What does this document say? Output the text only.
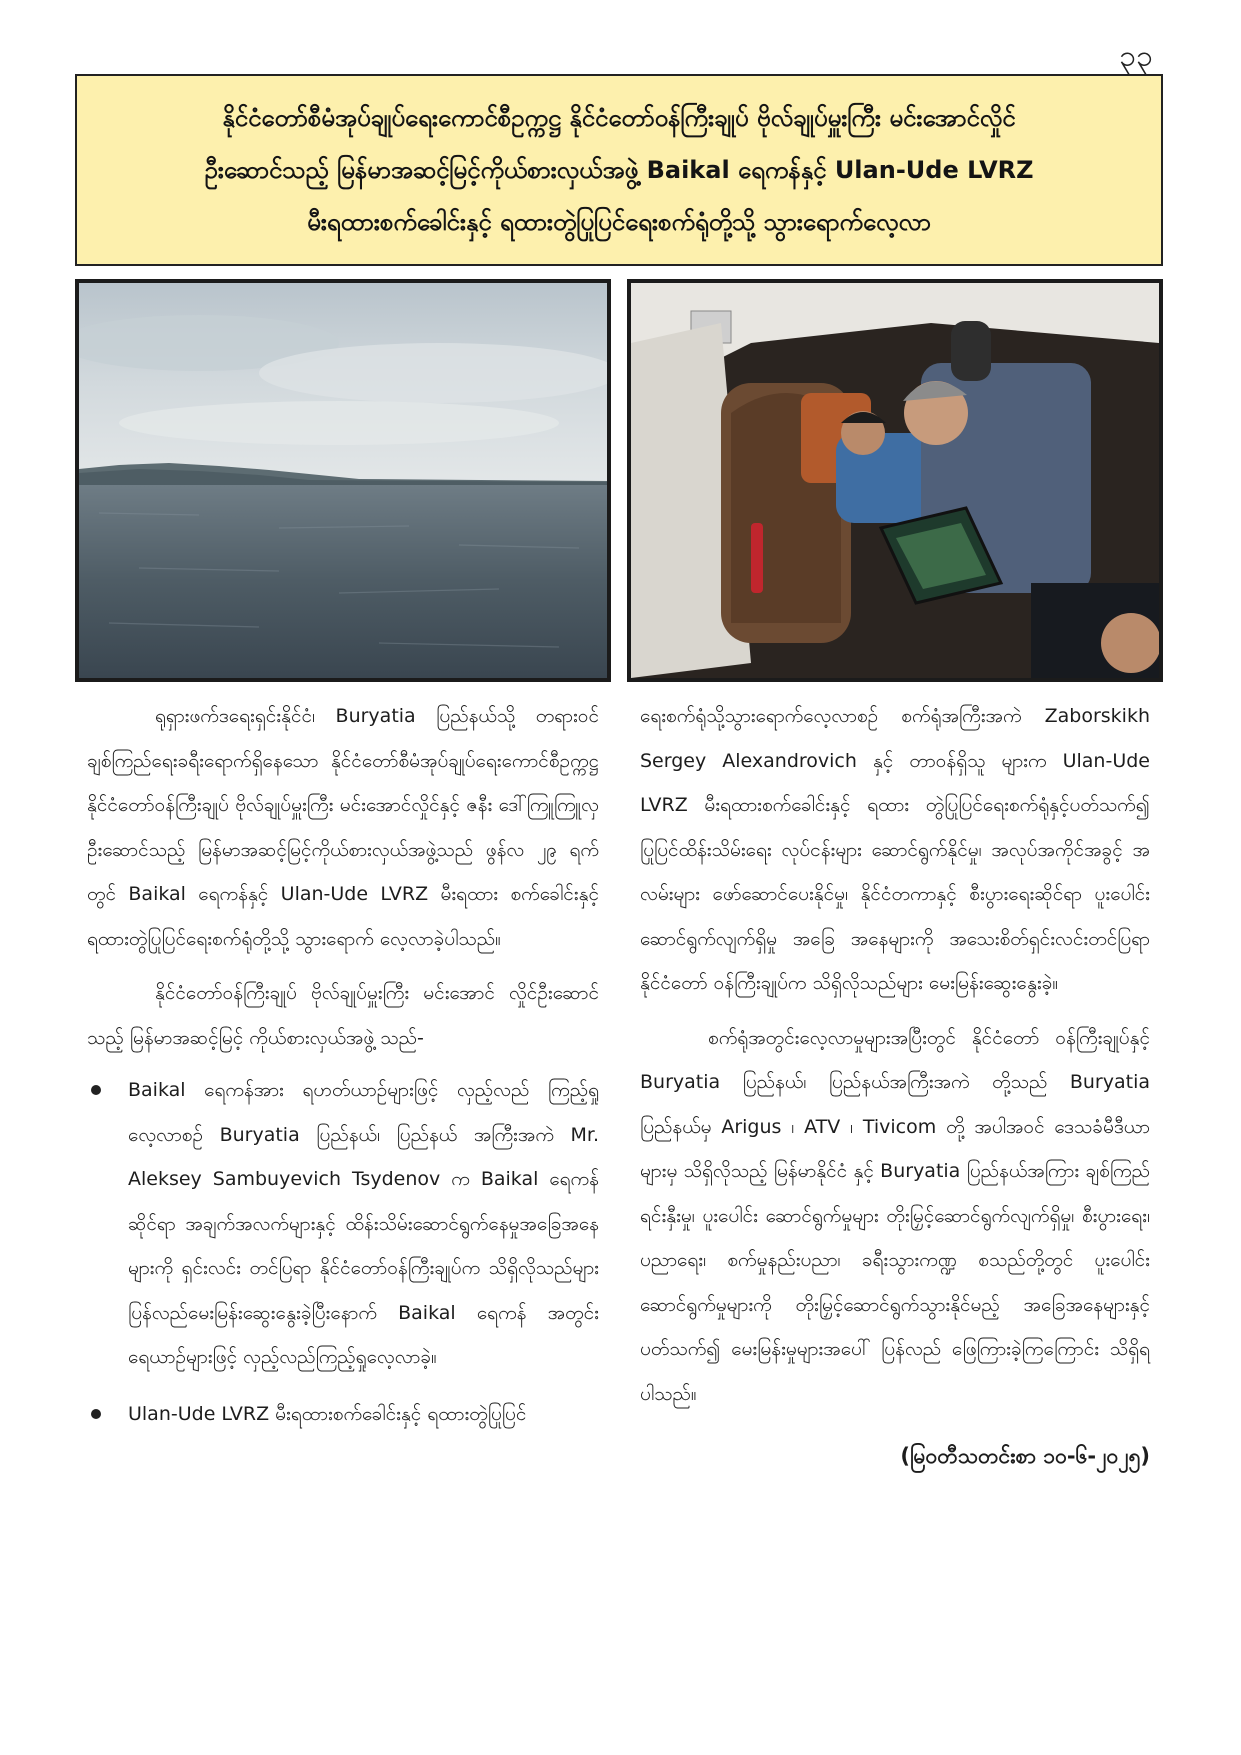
၃၃
နိုင်ငံတော်စီမံအုပ်ချုပ်ရေးကောင်စီဥက္ကဋ္ဌ နိုင်ငံတော်ဝန်ကြီးချုပ် ဗိုလ်ချုပ်မှူးကြီး မင်းအောင်လှိုင်
ဦးဆောင်သည့် မြန်မာအဆင့်မြင့်ကိုယ်စားလှယ်အဖွဲ့ Baikal ရေကန်နှင့် Ulan-Ude LVRZ
မီးရထားစက်ခေါင်းနှင့် ရထားတွဲပြုပြင်ရေးစက်ရုံတို့သို့ သွားရောက်လေ့လာ

ရုရှားဖက်ဒရေးရှင်းနိုင်ငံ၊ Buryatia ပြည်နယ်သို့ တရားဝင်ချစ်ကြည်ရေးခရီးရောက်ရှိနေသော နိုင်ငံတော်စီမံအုပ်ချုပ်ရေးကောင်စီဥက္ကဋ္ဌ နိုင်ငံတော်ဝန်ကြီးချုပ် ဗိုလ်ချုပ်မှူးကြီး မင်းအောင်လှိုင်နှင့် ဇနီး ဒေါ်ကြူကြူလှ ဦးဆောင်သည့် မြန်မာအဆင့်မြင့်ကိုယ်စားလှယ်အဖွဲ့သည် ဖွန်လ ၂၉ ရက်တွင် Baikal ရေကန်နှင့် Ulan-Ude LVRZ မီးရထား စက်ခေါင်းနှင့် ရထားတွဲပြုပြင်ရေးစက်ရုံတို့သို့ သွားရောက် လေ့လာခဲ့ပါသည်။

နိုင်ငံတော်ဝန်ကြီးချုပ် ဗိုလ်ချုပ်မှူးကြီး မင်းအောင် လှိုင်ဦးဆောင်သည့် မြန်မာအဆင့်မြင့် ကိုယ်စားလှယ်အဖွဲ့ သည်-

Baikal ရေကန်အား ရဟတ်ယာဉ်များဖြင့် လှည့်လည် ကြည့်ရှုလေ့လာစဉ် Buryatia ပြည်နယ်၊ ပြည်နယ် အကြီးအကဲ Mr. Aleksey Sambuyevich Tsydenov က Baikal ရေကန်ဆိုင်ရာ အချက်အလက်များနှင့် ထိန်းသိမ်းဆောင်ရွက်နေမှုအခြေအနေများကို ရှင်းလင်း တင်ပြရာ နိုင်ငံတော်ဝန်ကြီးချုပ်က သိရှိလိုသည်များ ပြန်လည်မေးမြန်းဆွေးနွေးခဲ့ပြီးနောက် Baikal ရေကန် အတွင်း ရေယာဉ်များဖြင့် လှည့်လည်ကြည့်ရှုလေ့လာခဲ့။
Ulan-Ude LVRZ မီးရထားစက်ခေါင်းနှင့် ရထားတွဲပြုပြင်

ရေးစက်ရုံသို့သွားရောက်လေ့လာစဉ် စက်ရုံအကြီးအကဲ Zaborskikh Sergey Alexandrovich နှင့် တာဝန်ရှိသူ များက Ulan-Ude LVRZ မီးရထားစက်ခေါင်းနှင့် ရထား တွဲပြုပြင်ရေးစက်ရုံနှင့်ပတ်သက်၍ ပြုပြင်ထိန်းသိမ်းရေး လုပ်ငန်းများ ဆောင်ရွက်နိုင်မှု၊ အလုပ်အကိုင်အခွင့် အလမ်းများ ဖော်ဆောင်ပေးနိုင်မှု၊ နိုင်ငံတကာနှင့် စီးပွားရေးဆိုင်ရာ ပူးပေါင်းဆောင်ရွက်လျက်ရှိမှု အခြေ အနေများကို အသေးစိတ်ရှင်းလင်းတင်ပြရာ နိုင်ငံတော် ဝန်ကြီးချုပ်က သိရှိလိုသည်များ မေးမြန်းဆွေးနွေးခဲ့။

စက်ရုံအတွင်းလေ့လာမှုများအပြီးတွင် နိုင်ငံတော် ဝန်ကြီးချုပ်နှင့် Buryatia ပြည်နယ်၊ ပြည်နယ်အကြီးအကဲ တို့သည် Buryatia ပြည်နယ်မှ Arigus ၊ ATV ၊ Tivicom တို့ အပါအဝင် ဒေသခံမီဒီယာ များမှ သိရှိလိုသည့် မြန်မာနိုင်ငံ နှင့် Buryatia ပြည်နယ်အကြား ချစ်ကြည်ရင်းနှီးမှု၊ ပူးပေါင်း ဆောင်ရွက်မှုများ တိုးမြှင့်ဆောင်ရွက်လျက်ရှိမှု၊ စီးပွားရေး၊ ပညာရေး၊ စက်မှုနည်းပညာ၊ ခရီးသွားကဏ္ဍ စသည်တို့တွင် ပူးပေါင်းဆောင်ရွက်မှုများကို တိုးမြှင့်ဆောင်ရွက်သွားနိုင်မည့် အခြေအနေများနှင့်ပတ်သက်၍ မေးမြန်းမှုများအပေါ် ပြန်လည် ဖြေကြားခဲ့ကြကြောင်း သိရှိရပါသည်။

(မြဝတီသတင်းစာ ၁၀-၆-၂၀၂၅)
